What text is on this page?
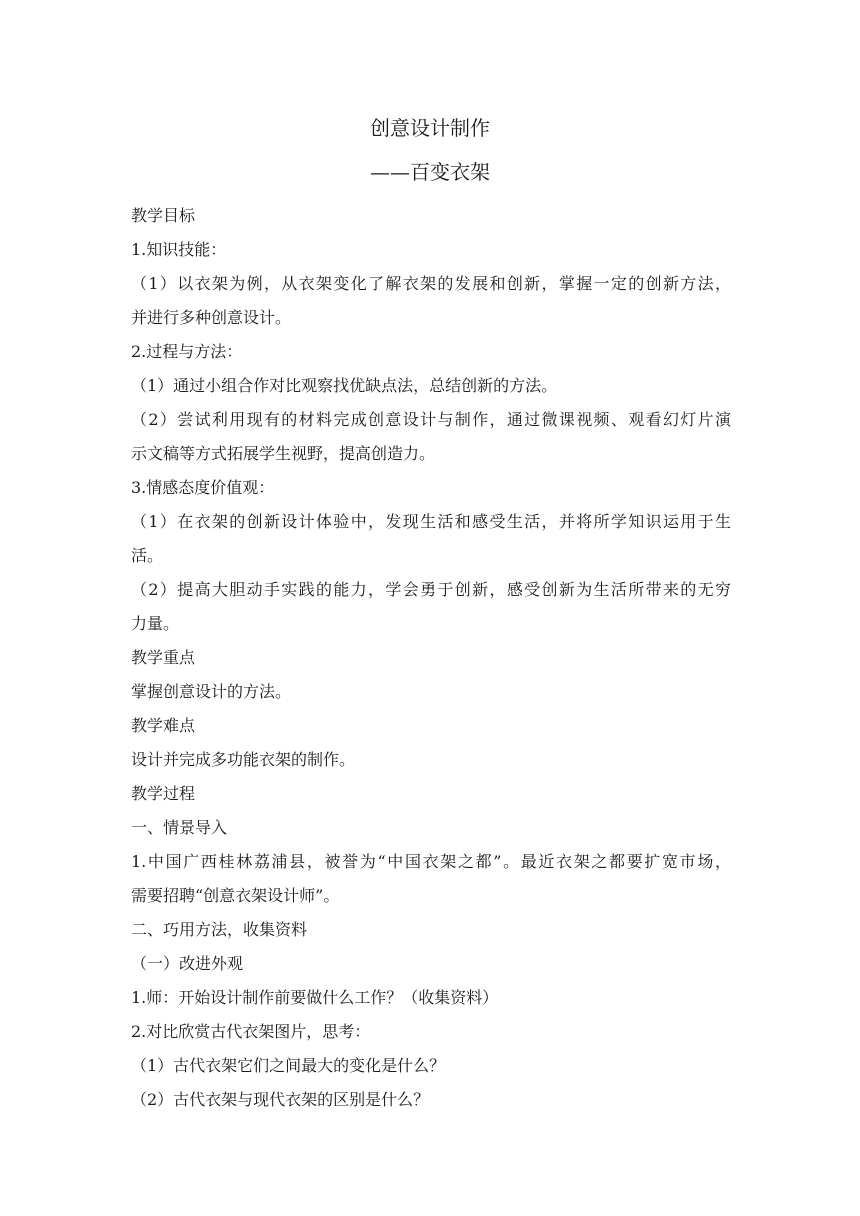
创意设计制作
——百变衣架
教学目标
1.知识技能：
（1）以衣架为例，从衣架变化了解衣架的发展和创新，掌握一定的创新方法，
并进行多种创意设计。
2.过程与方法：
（1）通过小组合作对比观察找优缺点法，总结创新的方法。
（2）尝试利用现有的材料完成创意设计与制作，通过微课视频、观看幻灯片演
示文稿等方式拓展学生视野，提高创造力。
3.情感态度价值观：
（1）在衣架的创新设计体验中，发现生活和感受生活，并将所学知识运用于生
活。
（2）提高大胆动手实践的能力，学会勇于创新，感受创新为生活所带来的无穷
力量。
教学重点
掌握创意设计的方法。
教学难点
设计并完成多功能衣架的制作。
教学过程
一、情景导入
1.中国广西桂林荔浦县，被誉为“中国衣架之都”。最近衣架之都要扩宽市场，
需要招聘“创意衣架设计师”。
二、巧用方法，收集资料
（一）改进外观
1.师：开始设计制作前要做什么工作？（收集资料）
2.对比欣赏古代衣架图片，思考：
（1）古代衣架它们之间最大的变化是什么？
（2）古代衣架与现代衣架的区别是什么？
